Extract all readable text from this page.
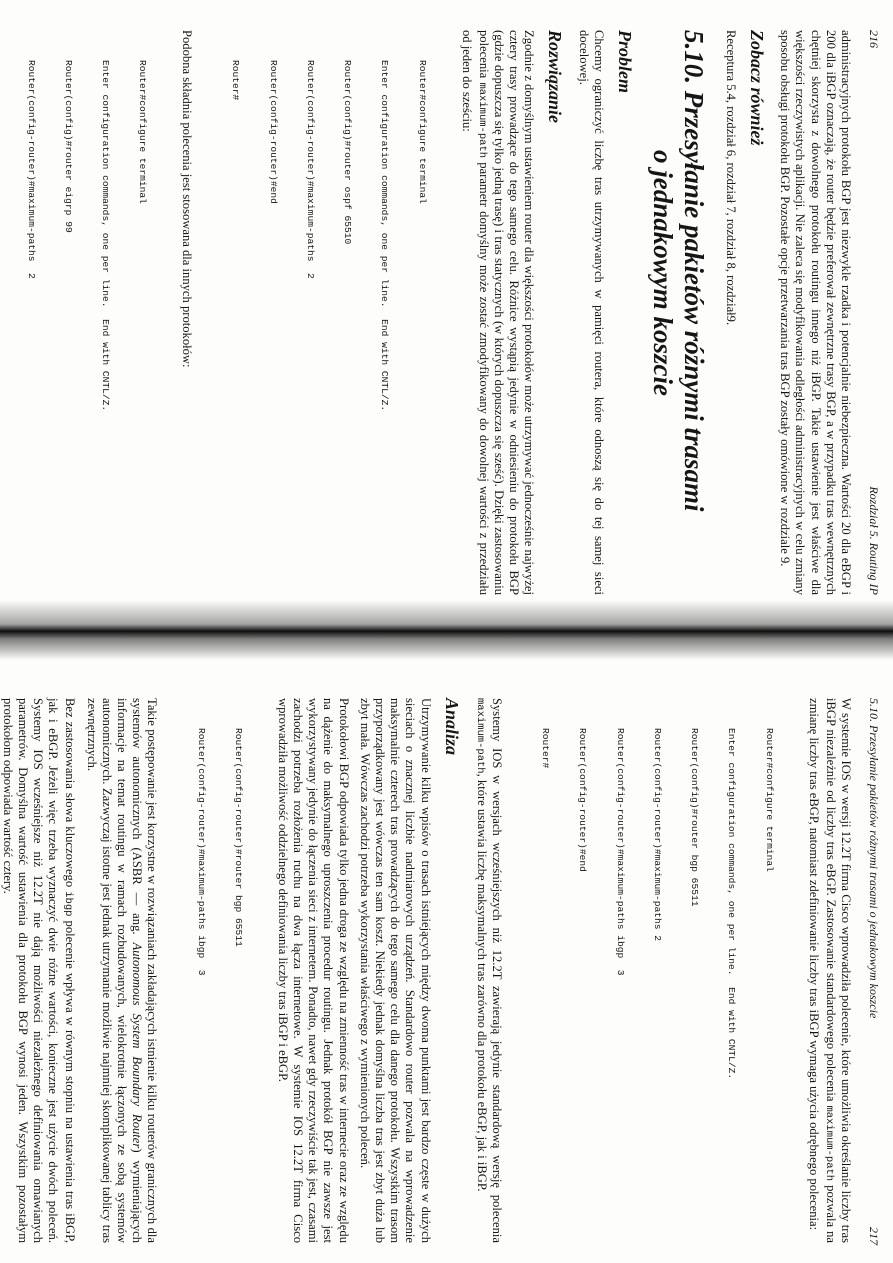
216
Rozdział 5. Routing IP

administracyjnych protokołu BGP jest niezwykle rzadka i potencjalnie niebezpieczna. Wartości 20 dla eBGP i 200 dla iBGP oznaczają, że router będzie preferował zewnętrzne trasy BGP, a w przypadku tras wewnętrznych chętniej skorzysta z dowolnego protokołu routingu innego niż iBGP. Takie ustawienie jest właściwe dla większości rzeczywistych aplikacji. Nie zaleca się modyfikowania odległości administracyjnych w celu zmiany sposobu obsługi protokołu BGP. Pozostałe opcje przetwarzania tras BGP zostały omówione w rozdziale 9.

Zobacz również

Receptura 5.4, rozdział 6, rozdział 7, rozdział 8, rozdział9.

5.10. Przesyłanie pakietów różnymi trasami
o jednakowym koszcie
Problem

Chcemy ograniczyć liczbę tras utrzymywanych w pamięci routera, które odnoszą się do tej samej sieci docelowej.

Rozwiązanie

Zgodnie z domyślnym ustawieniem router dla większości protokołów może utrzymywać jednocześnie najwyżej cztery trasy prowadzące do tego samego celu. Różnice wystąpią jedynie w odniesieniu do protokołu BGP (gdzie dopuszcza się tylko jedną trasę) i tras statycznych (w których dopuszcza się sześć). Dzięki zastosowaniu polecenia maximum-path parametr domyślny może zostać zmodyfikowany do dowolnej wartości z przedziału od jeden do sześciu:

Router#configure terminal

Enter configuration commands, one per line.  End with CNTL/Z.

Router(config)#router ospf 65510

Router(config-router)#maximum-paths  2

Router(config-router)#end

Router#

Podobna składnia polecenia jest stosowana dla innych protokołów:

Router#configure terminal

Enter configuration commands, one per line.  End with CNTL/Z.

Router(config)#router eigrp 99

Router(config-router)#maximum-paths  2

5.10. Przesyłanie pakietów różnymi trasami o jednakowym koszcie
217

W systemie IOS w wersji 12.2T firma Cisco wprowadziła polecenie, które umożliwia określanie liczby tras iBGP niezależnie od liczby tras eBGP. Zastosowanie standardowego polecenia maximum-path pozwala na zmianę liczby tras eBGP, natomiast zdefiniowanie liczby tras iBGP wymaga użycia odrębnego polecenia:

Router#configure terminal

Enter configuration commands, one per line.  End with CNTL/Z.

Router(config)#router bgp 65511

Router(config-router)#maximum-paths 2

Router(config-router)#maximum-paths ibgp  3

Router(config-router)#end

Router#

Systemy IOS w wersjach wcześniejszych niż 12.2T zawierają jedynie standardową wersję polecenia maximum-path, które ustawia liczbę maksymalnych tras zarówno dla protokołu eBGP, jak i iBGP.

Analiza

Utrzymywanie kilku wpisów o trasach istniejących między dwoma punktami jest bardzo częste w dużych sieciach o znacznej liczbie nadmiarowych urządzeń. Standardowo router pozwala na wprowadzenie maksymalnie czterech tras prowadzących do tego samego celu dla danego protokołu. Wszystkim trasom przyporządkowany jest wówczas ten sam koszt. Niekiedy jednak domyślna liczba tras jest zbyt duża lub zbyt mała. Wówczas zachodzi potrzeba wykorzystania właściwego z wymienionych poleceń.

Protokołowi BGP odpowiada tylko jedna droga ze względu na zmienność tras w internecie oraz ze względu na dążenie do maksymalnego uproszczenia procedur routingu. Jednak protokół BGP nie zawsze jest wykorzystywany jedynie do łączenia sieci z internetem. Ponadto, nawet gdy rzeczywiście tak jest, czasami zachodzi potrzeba rozłożenia ruchu na dwa łącza internetowe. W systemie IOS 12.2T firma Cisco wprowadziła możliwość oddzielnego definiowania liczby tras iBGP i eBGP.

Router(config-router)#router bgp 65511

Router(config-router)#maximum-paths ibgp  3

Takie postępowanie jest korzystne w rozwiązaniach zakładających istnienie kilku routerów granicznych dla systemów autonomicznych (ASBR — ang. Autonomous System Boundary Router) wymieniających informacje na temat routingu w ramach rozbudowanych, wielokrotnie łączonych ze sobą systemów autonomicznych. Zazwyczaj istotne jest jednak utrzymanie możliwie najmniej skomplikowanej tablicy tras zewnętrznych.

Bez zastosowania słowa kluczowego ibgp polecenie wpływa w równym stopniu na ustawienia tras iBGP, jak i eBGP. Jeżeli więc trzeba wyznaczyć dwie różne wartości, konieczne jest użycie dwóch poleceń. Systemy IOS wcześniejsze niż 12.2T nie dają możliwości niezależnego definiowania omawianych parametrów. Domyślna wartość ustawienia dla protokołu BGP wynosi jeden. Wszystkim pozostałym protokołom odpowiada wartość cztery.
